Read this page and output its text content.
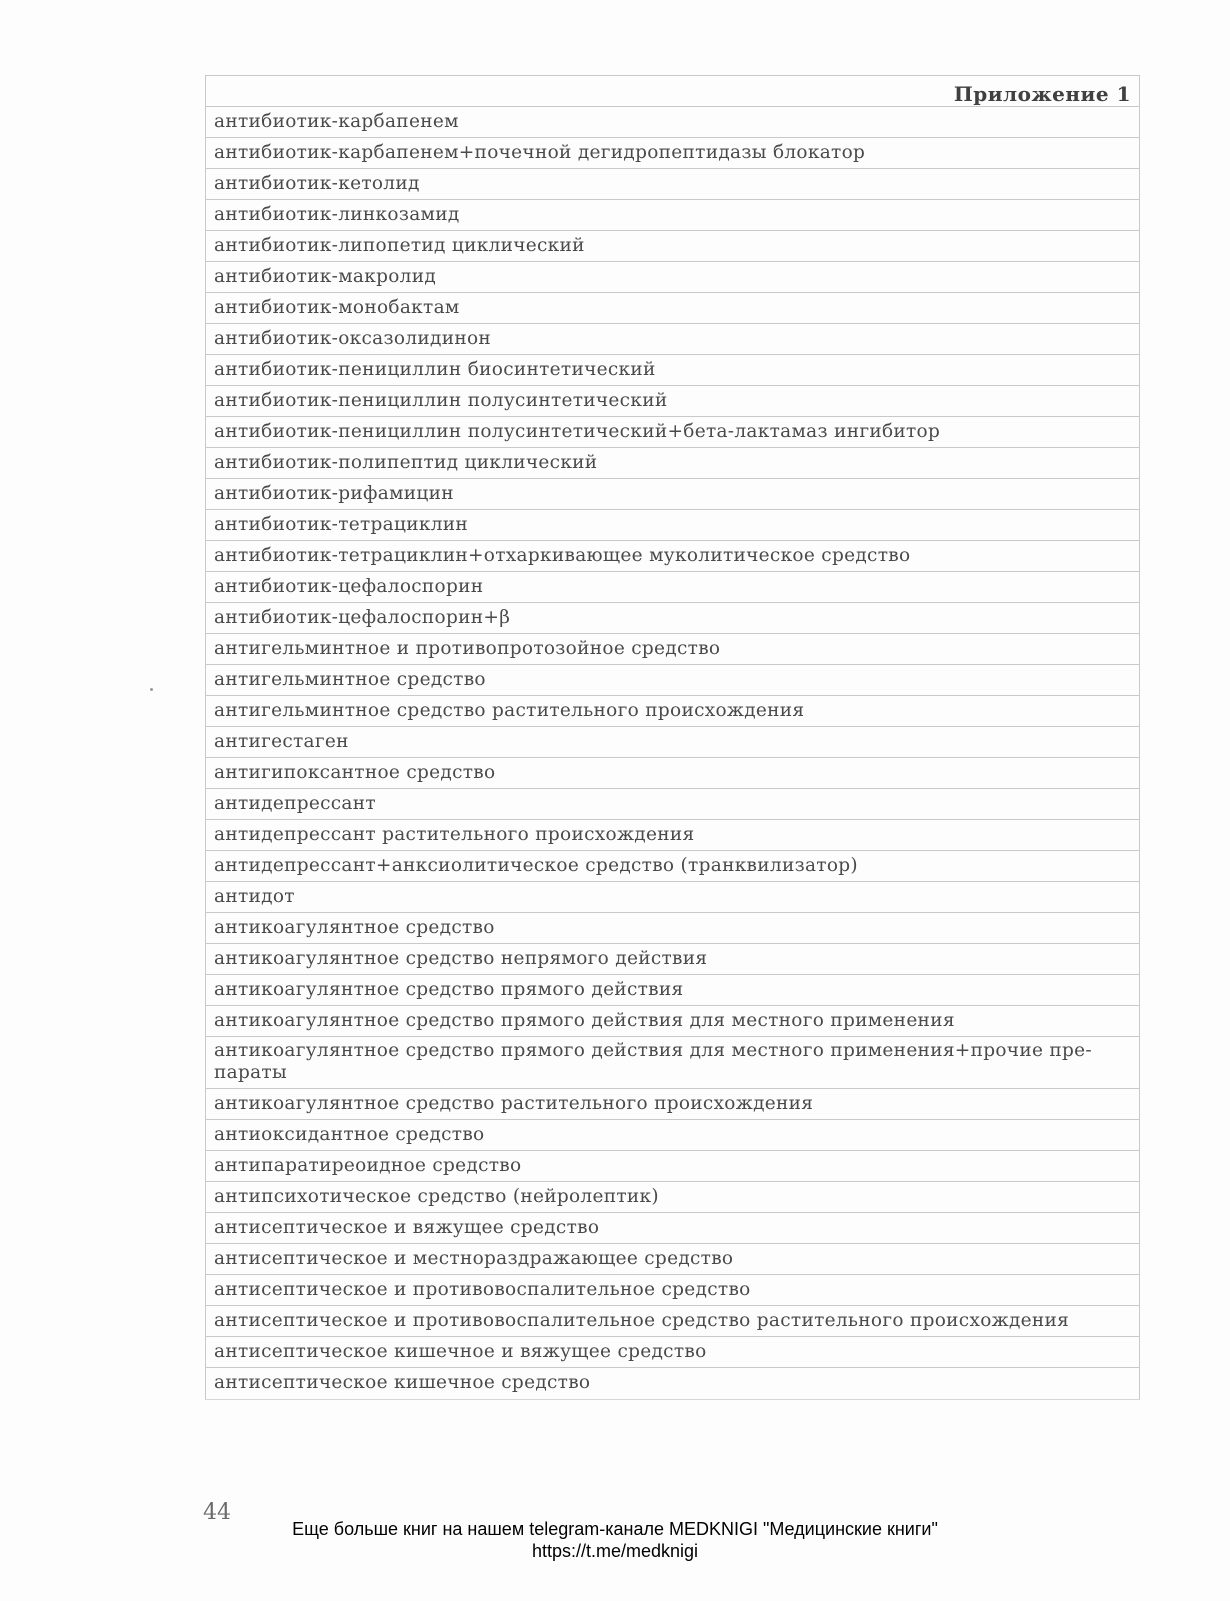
Приложение 1
антибиотик-карбапенем
антибиотик-карбапенем+почечной дегидропептидазы блокатор
антибиотик-кетолид
антибиотик-линкозамид
антибиотик-липопетид циклический
антибиотик-макролид
антибиотик-монобактам
антибиотик-оксазолидинон
антибиотик-пенициллин биосинтетический
антибиотик-пенициллин полусинтетический
антибиотик-пенициллин полусинтетический+бета-лактамаз ингибитор
антибиотик-полипептид циклический
антибиотик-рифамицин
антибиотик-тетрациклин
антибиотик-тетрациклин+отхаркивающее муколитическое средство
антибиотик-цефалоспорин
антибиотик-цефалоспорин+β
антигельминтное и противопротозойное средство
антигельминтное средство
антигельминтное средство растительного происхождения
антигестаген
антигипоксантное средство
антидепрессант
антидепрессант растительного происхождения
антидепрессант+анксиолитическое средство (транквилизатор)
антидот
антикоагулянтное средство
антикоагулянтное средство непрямого действия
антикоагулянтное средство прямого действия
антикоагулянтное средство прямого действия для местного применения
антикоагулянтное средство прямого действия для местного применения+прочие пре-параты
антикоагулянтное средство растительного происхождения
антиоксидантное средство
антипаратиреоидное средство
антипсихотическое средство (нейролептик)
антисептическое и вяжущее средство
антисептическое и местнораздражающее средство
антисептическое и противовоспалительное средство
антисептическое и противовоспалительное средство растительного происхождения
антисептическое кишечное и вяжущее средство
антисептическое кишечное средство
44
Еще больше книг на нашем telegram-канале MEDKNIGI "Медицинские книги"
https://t.me/medknigi
